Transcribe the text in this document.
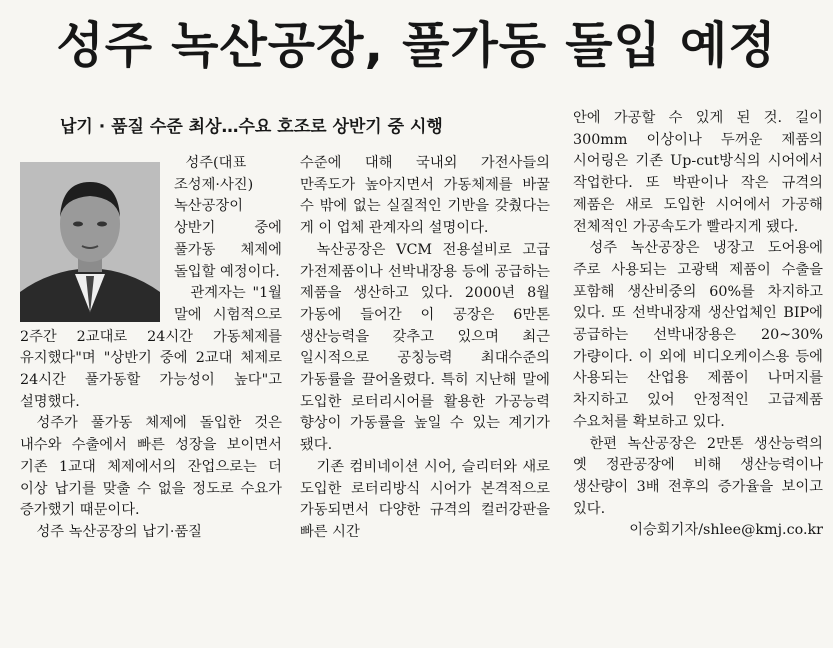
성주 녹산공장, 풀가동 돌입 예정
납기 · 품질 수준 최상…수요 호조로 상반기 중 시행

성주(대표 조성제·사진) 녹산공장이 상반기 중에 풀가동 체제에 돌입할 예정이다.

관계자는 "1월 말에 시험적으로 2주간 2교대로 24시간 가동체제를 유지했다"며 "상반기 중에 2교대 체제로 24시간 풀가동할 가능성이 높다"고 설명했다.

성주가 풀가동 체제에 돌입한 것은 내수와 수출에서 빠른 성장을 보이면서 기존 1교대 체제에서의 잔업으로는 더 이상 납기를 맞출 수 없을 정도로 수요가 증가했기 때문이다.

성주 녹산공장의 납기·품질

수준에 대해 국내외 가전사들의 만족도가 높아지면서 가동체제를 바꿀 수 밖에 없는 실질적인 기반을 갖췄다는 게 이 업체 관계자의 설명이다.

녹산공장은 VCM 전용설비로 고급 가전제품이나 선박내장용 등에 공급하는 제품을 생산하고 있다. 2000년 8월 가동에 들어간 이 공장은 6만톤 생산능력을 갖추고 있으며 최근 일시적으로 공칭능력 최대수준의 가동률을 끌어올렸다. 특히 지난해 말에 도입한 로터리시어를 활용한 가공능력 향상이 가동률을 높일 수 있는 계기가 됐다.

기존 컴비네이션 시어, 슬리터와 새로 도입한 로터리방식 시어가 본격적으로 가동되면서 다양한 규격의 컬러강판을 빠른 시간

안에 가공할 수 있게 된 것. 길이 300mm 이상이나 두꺼운 제품의 시어링은 기존 Up-cut방식의 시어에서 작업한다. 또 박판이나 작은 규격의 제품은 새로 도입한 시어에서 가공해 전체적인 가공속도가 빨라지게 됐다.

성주 녹산공장은 냉장고 도어용에 주로 사용되는 고광택 제품이 수출을 포함해 생산비중의 60%를 차지하고 있다. 또 선박내장재 생산업체인 BIP에 공급하는 선박내장용은 20∼30% 가량이다. 이 외에 비디오케이스용 등에 사용되는 산업용 제품이 나머지를 차지하고 있어 안정적인 고급제품 수요처를 확보하고 있다.

한편 녹산공장은 2만톤 생산능력의 옛 정관공장에 비해 생산능력이나 생산량이 3배 전후의 증가율을 보이고 있다.

이승회기자/shlee@kmj.co.kr
